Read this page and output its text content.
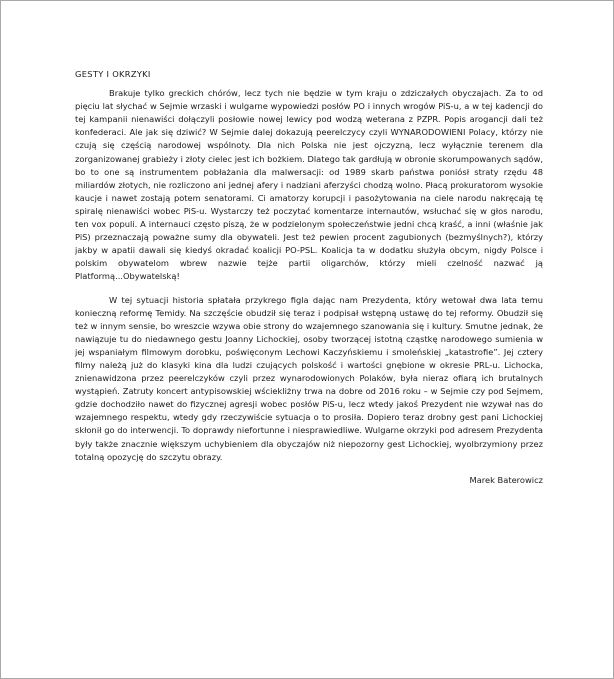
GESTY I OKRZYKI

Brakuje tylko greckich chórów, lecz tych nie będzie w tym kraju o zdziczałych obyczajach. Za to od pięciu lat słychać w Sejmie wrzaski i wulgarne wypowiedzi posłów PO i innych wrogów PiS-u, a w tej kadencji do tej kampanii nienawiści dołączyli posłowie nowej lewicy pod wodzą weterana z PZPR. Popis arogancji dali też konfederaci. Ale jak się dziwić? W Sejmie dalej dokazują peerelczycy czyli WYNARODOWIENI Polacy, którzy nie czują się częścią narodowej wspólnoty. Dla nich Polska nie jest ojczyzną, lecz wyłącznie terenem dla zorganizowanej grabieży i złoty cielec jest ich bożkiem. Dlatego tak gardłują w obronie skorumpowanych sądów, bo to one są instrumentem pobłażania dla malwersacji: od 1989 skarb państwa poniósł straty rzędu 48 miliardów złotych, nie rozliczono ani jednej afery i nadziani aferzyści chodzą wolno. Płacą prokuratorom wysokie kaucje i nawet zostają potem senatorami. Ci amatorzy korupcji i pasożytowania na ciele narodu nakręcają tę spiralę nienawiści wobec PiS-u. Wystarczy też poczytać komentarze internautów, wsłuchać się w głos narodu, ten vox populi. A internauci często piszą, że w podzielonym społeczeństwie jedni chcą kraść, a inni (właśnie jak PiS) przeznaczają poważne sumy dla obywateli. Jest też pewien procent zagubionych (bezmyślnych?), którzy jakby w apatii dawali się kiedyś okradać koalicji PO-PSL. Koalicja ta w dodatku służyła obcym, nigdy Polsce i polskim obywatelom wbrew nazwie tejże partii oligarchów, którzy mieli czelność nazwać ją Platformą...Obywatelską!

W tej sytuacji historia spłatała przykrego figla dając nam Prezydenta, który wetował dwa lata temu konieczną reformę Temidy. Na szczęście obudził się teraz i podpisał wstępną ustawę do tej reformy. Obudził się też w innym sensie, bo wreszcie wzywa obie strony do wzajemnego szanowania się i kultury. Smutne jednak, że nawiązuje tu do niedawnego gestu Joanny Lichockiej, osoby tworzącej istotną cząstkę narodowego sumienia w jej wspaniałym filmowym dorobku, poświęconym Lechowi Kaczyńskiemu i smoleńskiej „katastrofie”. Jej cztery filmy należą już do klasyki kina dla ludzi czujących polskość i wartości gnębione w okresie PRL-u. Lichocka, znienawidzona przez peerelczyków czyli przez wynarodowionych Polaków, była nieraz ofiarą ich brutalnych wystąpień. Zatruty koncert antypisowskiej wściekliżny trwa na dobre od 2016 roku – w Sejmie czy pod Sejmem, gdzie dochodziło nawet do fizycznej agresji wobec posłów PiS-u, lecz wtedy jakoś Prezydent nie wzywał nas do wzajemnego respektu, wtedy gdy rzeczywiście sytuacja o to prosiła. Dopiero teraz drobny gest pani Lichockiej skłonił go do interwencji. To doprawdy niefortunne i niesprawiedliwe. Wulgarne okrzyki pod adresem Prezydenta były także znacznie większym uchybieniem dla obyczajów niż niepozorny gest Lichockiej, wyolbrzymiony przez totalną opozycję do szczytu obrazy.

Marek Baterowicz
